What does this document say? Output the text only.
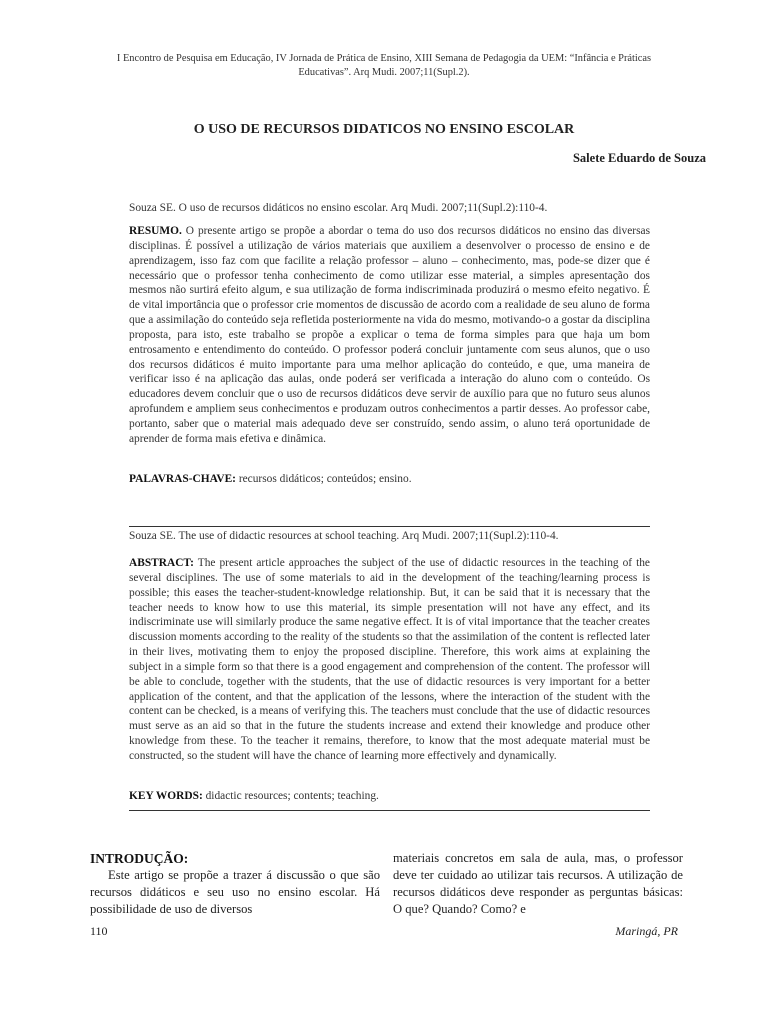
I Encontro de Pesquisa em Educação, IV Jornada de Prática de Ensino, XIII Semana de Pedagogia da UEM: “Infância e Práticas
Educativas”. Arq Mudi. 2007;11(Supl.2).
O USO DE RECURSOS DIDATICOS NO ENSINO ESCOLAR
Salete Eduardo de Souza
Souza SE. O uso de recursos didáticos no ensino escolar. Arq Mudi. 2007;11(Supl.2):110-4.
RESUMO. O presente artigo se propõe a abordar o tema do uso dos recursos didáticos no ensino das diversas disciplinas. É possível a utilização de vários materiais que auxiliem a desenvolver o processo de ensino e de aprendizagem, isso faz com que facilite a relação professor – aluno – conhecimento, mas, pode-se dizer que é necessário que o professor tenha conhecimento de como utilizar esse material, a simples apresentação dos mesmos não surtirá efeito algum, e sua utilização de forma indiscriminada produzirá o mesmo efeito negativo. É de vital importância que o professor crie momentos de discussão de acordo com a realidade de seu aluno de forma que a assimilação do conteúdo seja refletida posteriormente na vida do mesmo, motivando-o a gostar da disciplina proposta, para isto, este trabalho se propõe a explicar o tema de forma simples para que haja um bom entrosamento e entendimento do conteúdo. O professor poderá concluir juntamente com seus alunos, que o uso dos recursos didáticos é muito importante para uma melhor aplicação do conteúdo, e que, uma maneira de verificar isso é na aplicação das aulas, onde poderá ser verificada a interação do aluno com o conteúdo. Os educadores devem concluir que o uso de recursos didáticos deve servir de auxílio para que no futuro seus alunos aprofundem e ampliem seus conhecimentos e produzam outros conhecimentos a partir desses. Ao professor cabe, portanto, saber que o material mais adequado deve ser construído, sendo assim, o aluno terá oportunidade de aprender de forma mais efetiva e dinâmica.
PALAVRAS-CHAVE: recursos didáticos; conteúdos; ensino.
Souza SE. The use of didactic resources at school teaching. Arq Mudi. 2007;11(Supl.2):110-4.
ABSTRACT: The present article approaches the subject of the use of didactic resources in the teaching of the several disciplines. The use of some materials to aid in the development of the teaching/learning process is possible; this eases the teacher-student-knowledge relationship. But, it can be said that it is necessary that the teacher needs to know how to use this material, its simple presentation will not have any effect, and its indiscriminate use will similarly produce the same negative effect. It is of vital importance that the teacher creates discussion moments according to the reality of the students so that the assimilation of the content is reflected later in their lives, motivating them to enjoy the proposed discipline. Therefore, this work aims at explaining the subject in a simple form so that there is a good engagement and comprehension of the content. The professor will be able to conclude, together with the students, that the use of didactic resources is very important for a better application of the content, and that the application of the lessons, where the interaction of the student with the content can be checked, is a means of verifying this. The teachers must conclude that the use of didactic resources must serve as an aid so that in the future the students increase and extend their knowledge and produce other knowledge from these. To the teacher it remains, therefore, to know that the most adequate material must be constructed, so the student will have the chance of learning more effectively and dynamically.
KEY WORDS: didactic resources; contents; teaching.
INTRODUÇÃO:
Este artigo se propõe a trazer á discussão o que são recursos didáticos e seu uso no ensino escolar. Há possibilidade de uso de diversos
materiais concretos em sala de aula, mas, o professor deve ter cuidado ao utilizar tais recursos. A utilização de recursos didáticos deve responder as perguntas básicas: O que? Quando? Como? e
110	Maringá, PR
